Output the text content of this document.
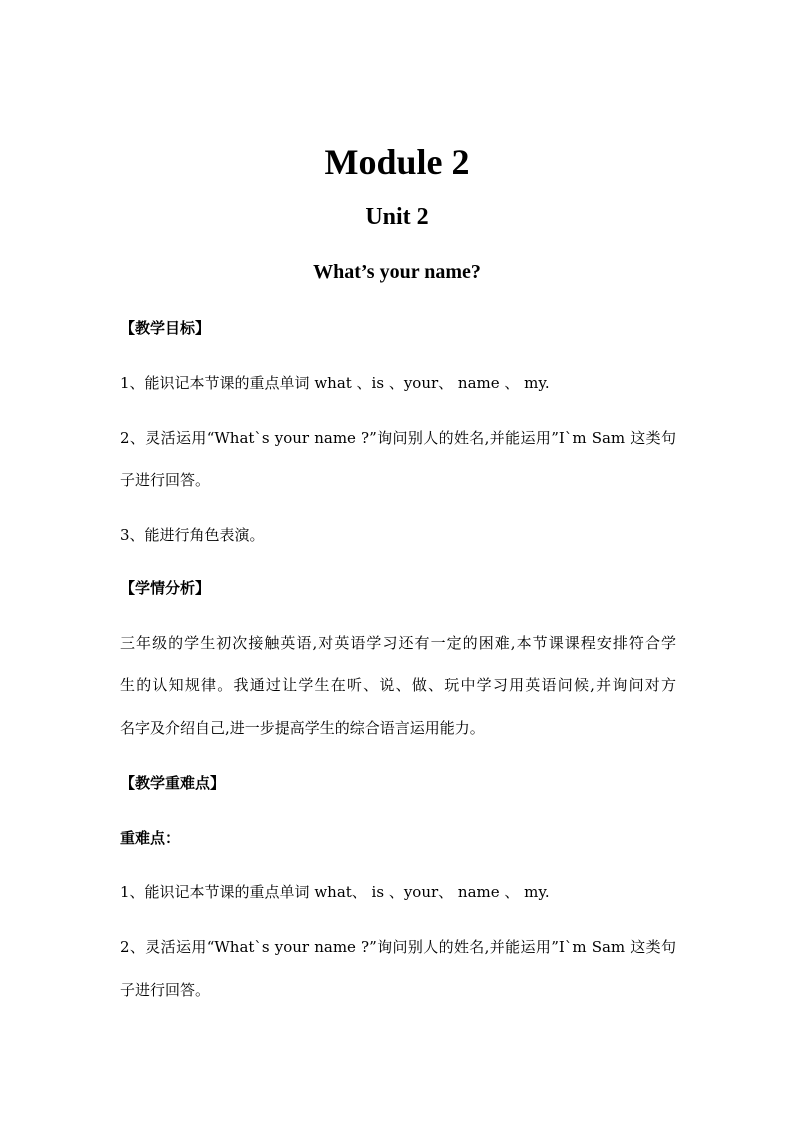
Module 2
Unit 2
What’s your name?
【教学目标】
1、能识记本节课的重点单词 what 、is 、your、 name 、 my.
2、灵活运用“What`s your name ?”询问别人的姓名,并能运用”I`m Sam 这类句
子进行回答。
3、能进行角色表演。
【学情分析】
三年级的学生初次接触英语,对英语学习还有一定的困难,本节课课程安排符合学
生的认知规律。我通过让学生在听、说、做、玩中学习用英语问候,并询问对方
名字及介绍自己,进一步提高学生的综合语言运用能力。
【教学重难点】
重难点：
1、能识记本节课的重点单词 what、 is 、your、 name 、 my.
2、灵活运用“What`s your name ?”询问别人的姓名,并能运用”I`m Sam 这类句
子进行回答。
